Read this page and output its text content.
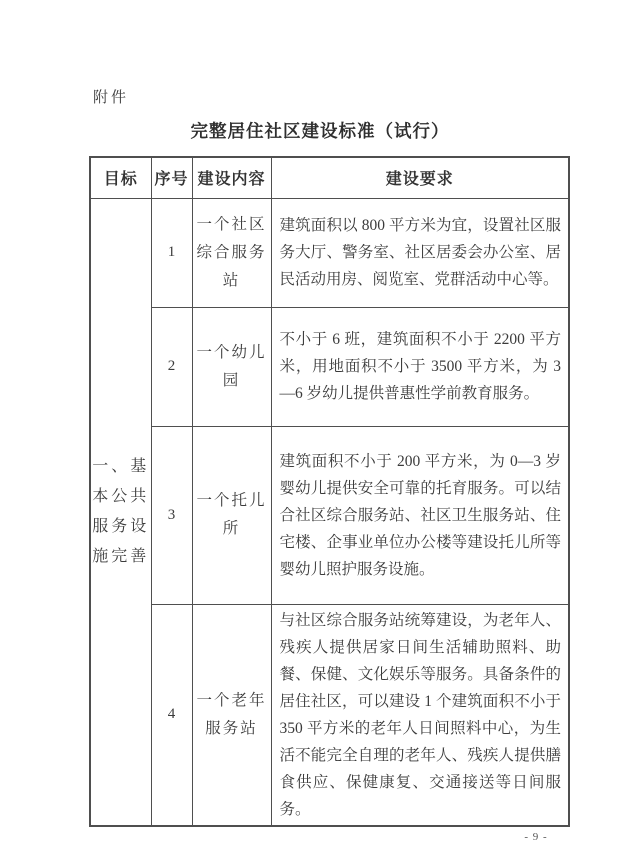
附件
完整居住社区建设标准（试行）
目标	序号	建设内容	建设要求

一、基本公共服务设施完善	1	一个社区综合服务站	建筑面积以 800 平方米为宜，设置社区服务大厅、警务室、社区居委会办公室、居民活动用房、阅览室、党群活动中心等。
	2	一个幼儿园	不小于 6 班，建筑面积不小于 2200 平方米，用地面积不小于 3500 平方米，为 3—6 岁幼儿提供普惠性学前教育服务。
	3	一个托儿所	建筑面积不小于 200 平方米，为 0—3 岁婴幼儿提供安全可靠的托育服务。可以结合社区综合服务站、社区卫生服务站、住宅楼、企事业单位办公楼等建设托儿所等婴幼儿照护服务设施。
	4	一个老年服务站	与社区综合服务站统筹建设，为老年人、残疾人提供居家日间生活辅助照料、助餐、保健、文化娱乐等服务。具备条件的居住社区，可以建设 1 个建筑面积不小于 350 平方米的老年人日间照料中心，为生活不能完全自理的老年人、残疾人提供膳食供应、保健康复、交通接送等日间服务。
- 9 -
